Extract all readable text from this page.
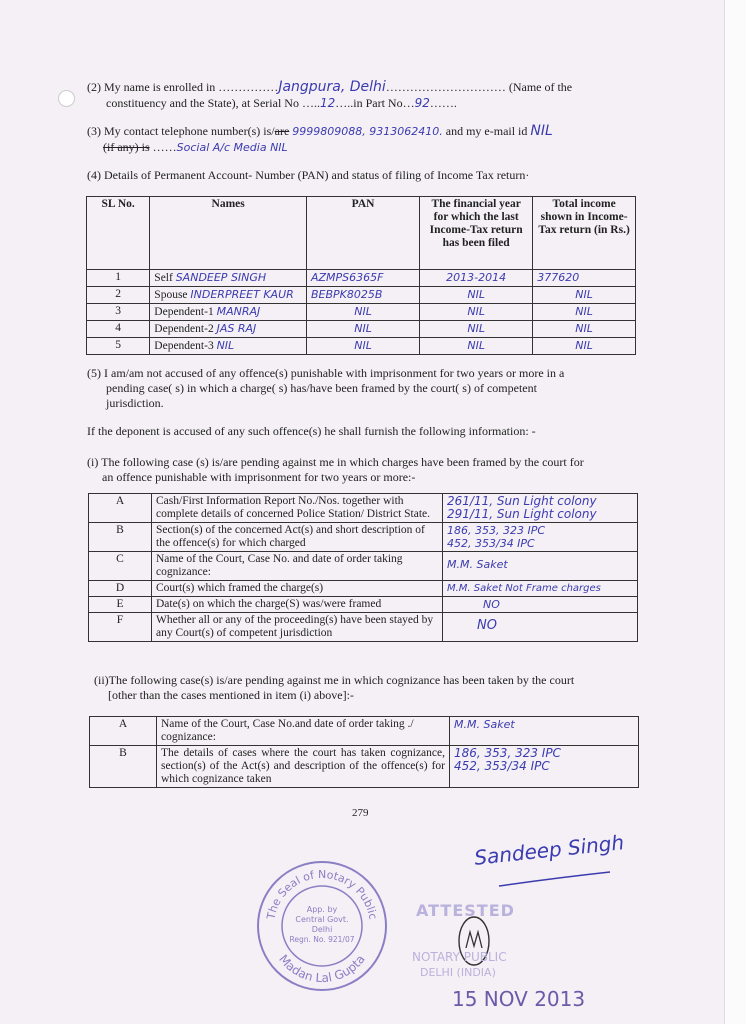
(2) My name is enrolled in ……………Jangpura, Delhi………………………… (Name of the
constituency and the State), at Serial No …..12…..in Part No…92…….
(3) My contact telephone number(s) is/are 9999809088, 9313062410. and my e-mail id NIL
(if any) is ……Social A/c Media NIL
(4) Details of Permanent Account- Number (PAN) and status of filing of Income Tax return·
SL No.	Names	PAN	The financial year for which the last Income-Tax return has been filed	Total income shown in Income-Tax return (in Rs.)
1	Self SANDEEP SINGH	AZMPS6365F	2013-2014	377620
2	Spouse INDERPREET KAUR	BEBPK8025B	NIL	NIL
3	Dependent-1 MANRAJ	NIL	NIL	NIL
4	Dependent-2 JAS RAJ	NIL	NIL	NIL
5	Dependent-3 NIL	NIL	NIL	NIL
(5) I am/am not accused of any offence(s) punishable with imprisonment for two years or more in a
pending case( s) in which a charge( s) has/have been framed by the court( s) of competent
jurisdiction.
If the deponent is accused of any such offence(s) he shall furnish the following information: -
(i) The following case (s) is/are pending against me in which charges have been framed by the court for
an offence punishable with imprisonment for two years or more:-
A	Cash/First Information Report No./Nos. together with complete details of concerned Police Station/ District State.	261/11, Sun Light colony
291/11, Sun Light colony

B	Section(s) of the concerned Act(s) and short description of the offence(s) for which charged	186, 353, 323 IPC
452, 353/34 IPC

C	Name of the Court, Case No. and date of order taking cognizance:	M.M. Saket
D	Court(s) which framed the charge(s)	M.M. Saket Not Frame charges
E	Date(s) on which the charge(S) was/were framed	NO
F	Whether all or any of the proceeding(s) have been stayed by any Court(s) of competent jurisdiction	NO
(ii)The following case(s) is/are pending against me in which cognizance has been taken by the court
[other than the cases mentioned in item (i) above]:-
A	Name of the Court, Case No.and date of order taking ./ cognizance:	M.M. Saket
B	The details of cases where the court has taken cognizance, section(s) of the Act(s) and description of the offence(s) for which cognizance taken	186, 353, 323 IPC
452, 353/34 IPC
279
Sandeep Singh
The Seal of Notary Public
Madan Lal Gupta
App. by
Central Govt.
Delhi
Regn. No. 921/07
ATTESTED
NOTARY PUBLIC
DELHI (INDIA)
15 NOV 2013
